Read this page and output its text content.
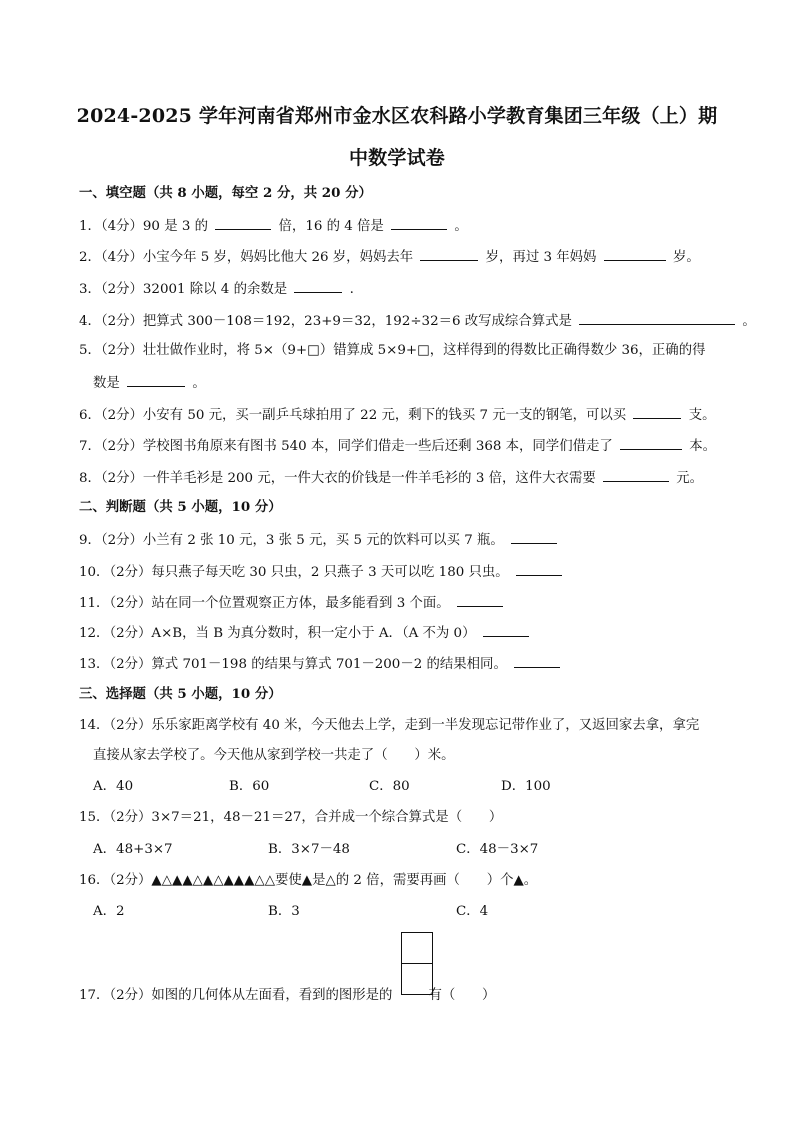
2024-2025 学年河南省郑州市金水区农科路小学教育集团三年级（上）期
中数学试卷
一、填空题（共 8 小题，每空 2 分，共 20 分）
1．（4分）90 是 3 的	倍，16 的 4 倍是	。
2．（4分）小宝今年 5 岁，妈妈比他大 26 岁，妈妈去年	岁，再过 3 年妈妈	岁。
3．（2分）32001 除以 4 的余数是	.
4．（2分）把算式 300－108＝192，23+9＝32，192÷32＝6 改写成综合算式是	。
5．（2分）壮壮做作业时，将 5×（9+□）错算成 5×9+□，这样得到的得数比正确得数少 36，正确的得
数是	。
6．（2分）小安有 50 元，买一副乒乓球拍用了 22 元，剩下的钱买 7 元一支的钢笔，可以买	支。
7．（2分）学校图书角原来有图书 540 本，同学们借走一些后还剩 368 本，同学们借走了	本。
8．（2分）一件羊毛衫是 200 元，一件大衣的价钱是一件羊毛衫的 3 倍，这件大衣需要	元。
二、判断题（共 5 小题，10 分）
9．（2分）小兰有 2 张 10 元，3 张 5 元，买 5 元的饮料可以买 7 瓶。
10．（2分）每只燕子每天吃 30 只虫，2 只燕子 3 天可以吃 180 只虫。
11．（2分）站在同一个位置观察正方体，最多能看到 3 个面。
12．（2分）A×B，当 B 为真分数时，积一定小于 A．（A 不为 0）
13．（2分）算式 701－198 的结果与算式 701－200－2 的结果相同。
三、选择题（共 5 小题，10 分）
14．（2分）乐乐家距离学校有 40 米，今天他去上学，走到一半发现忘记带作业了，又返回家去拿，拿完
直接从家去学校了。今天他从家到学校一共走了（　　）米。
A．40	B．60	C．80	D．100
15．（2分）3×7＝21，48－21＝27，合并成一个综合算式是（　　）
A．48+3×7	B．3×7－48	C．48－3×7
16．（2分）▲△▲▲△▲△▲▲▲△△要使▲是△的 2 倍，需要再画（　　）个▲。
A．2	B．3	C．4
17．（2分）如图的几何体从左面看，看到的图形是的	有（　　）
